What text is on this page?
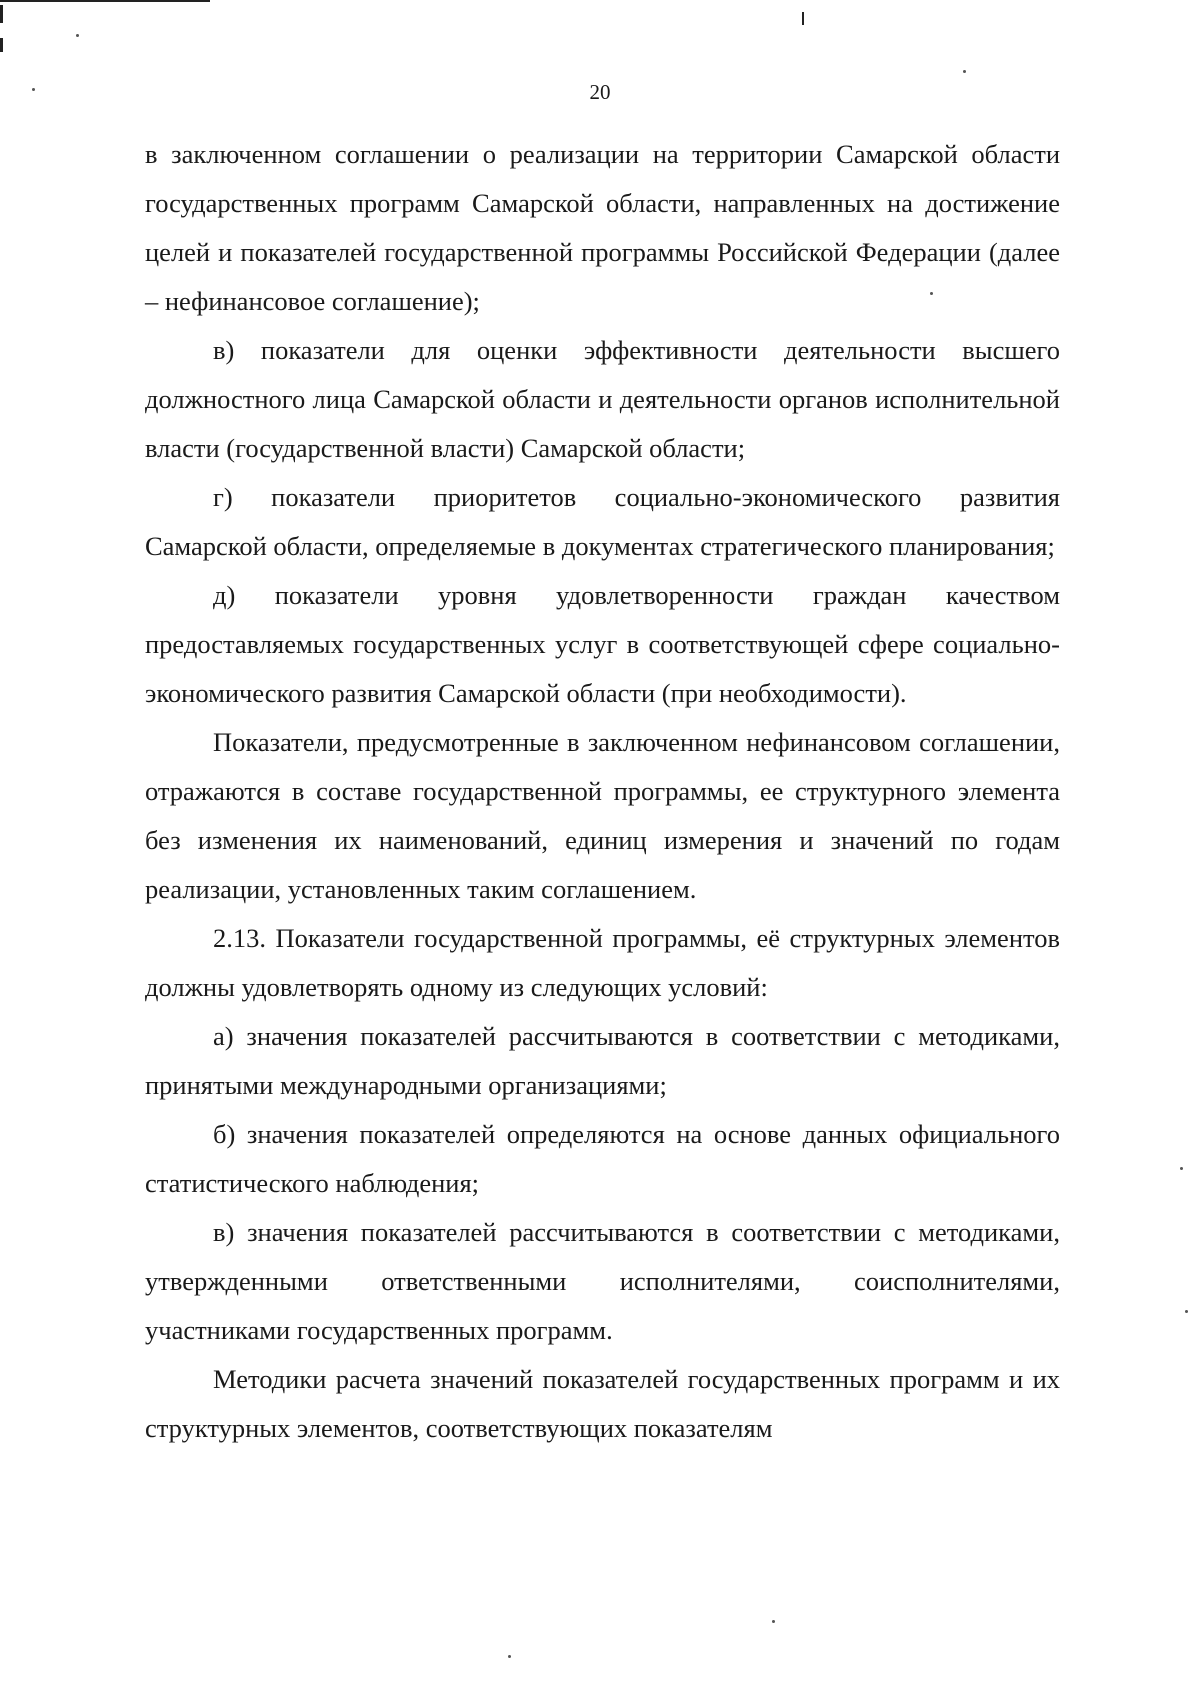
20

в заключенном соглашении о реализации на территории Самарской области государственных программ Самарской области, направленных на достижение целей и показателей государственной программы Российской Федерации (далее – нефинансовое соглашение);

в) показатели для оценки эффективности деятельности высшего должностного лица Самарской области и деятельности органов исполнительной власти (государственной власти) Самарской области;

г) показатели приоритетов социально-экономического развития Самарской области, определяемые в документах стратегического планирования;

д) показатели уровня удовлетворенности граждан качеством предоставляемых государственных услуг в соответствующей сфере социально-экономического развития Самарской области (при необходимости).

Показатели, предусмотренные в заключенном нефинансовом соглашении, отражаются в составе государственной программы, ее структурного элемента без изменения их наименований, единиц измерения и значений по годам реализации, установленных таким соглашением.

2.13. Показатели государственной программы, её структурных элементов должны удовлетворять одному из следующих условий:

а) значения показателей рассчитываются в соответствии с методиками, принятыми международными организациями;

б) значения показателей определяются на основе данных официального статистического наблюдения;

в) значения показателей рассчитываются в соответствии с методиками, утвержденными ответственными исполнителями, соисполнителями, участниками государственных программ.

Методики расчета значений показателей государственных программ и их структурных элементов, соответствующих показателям
